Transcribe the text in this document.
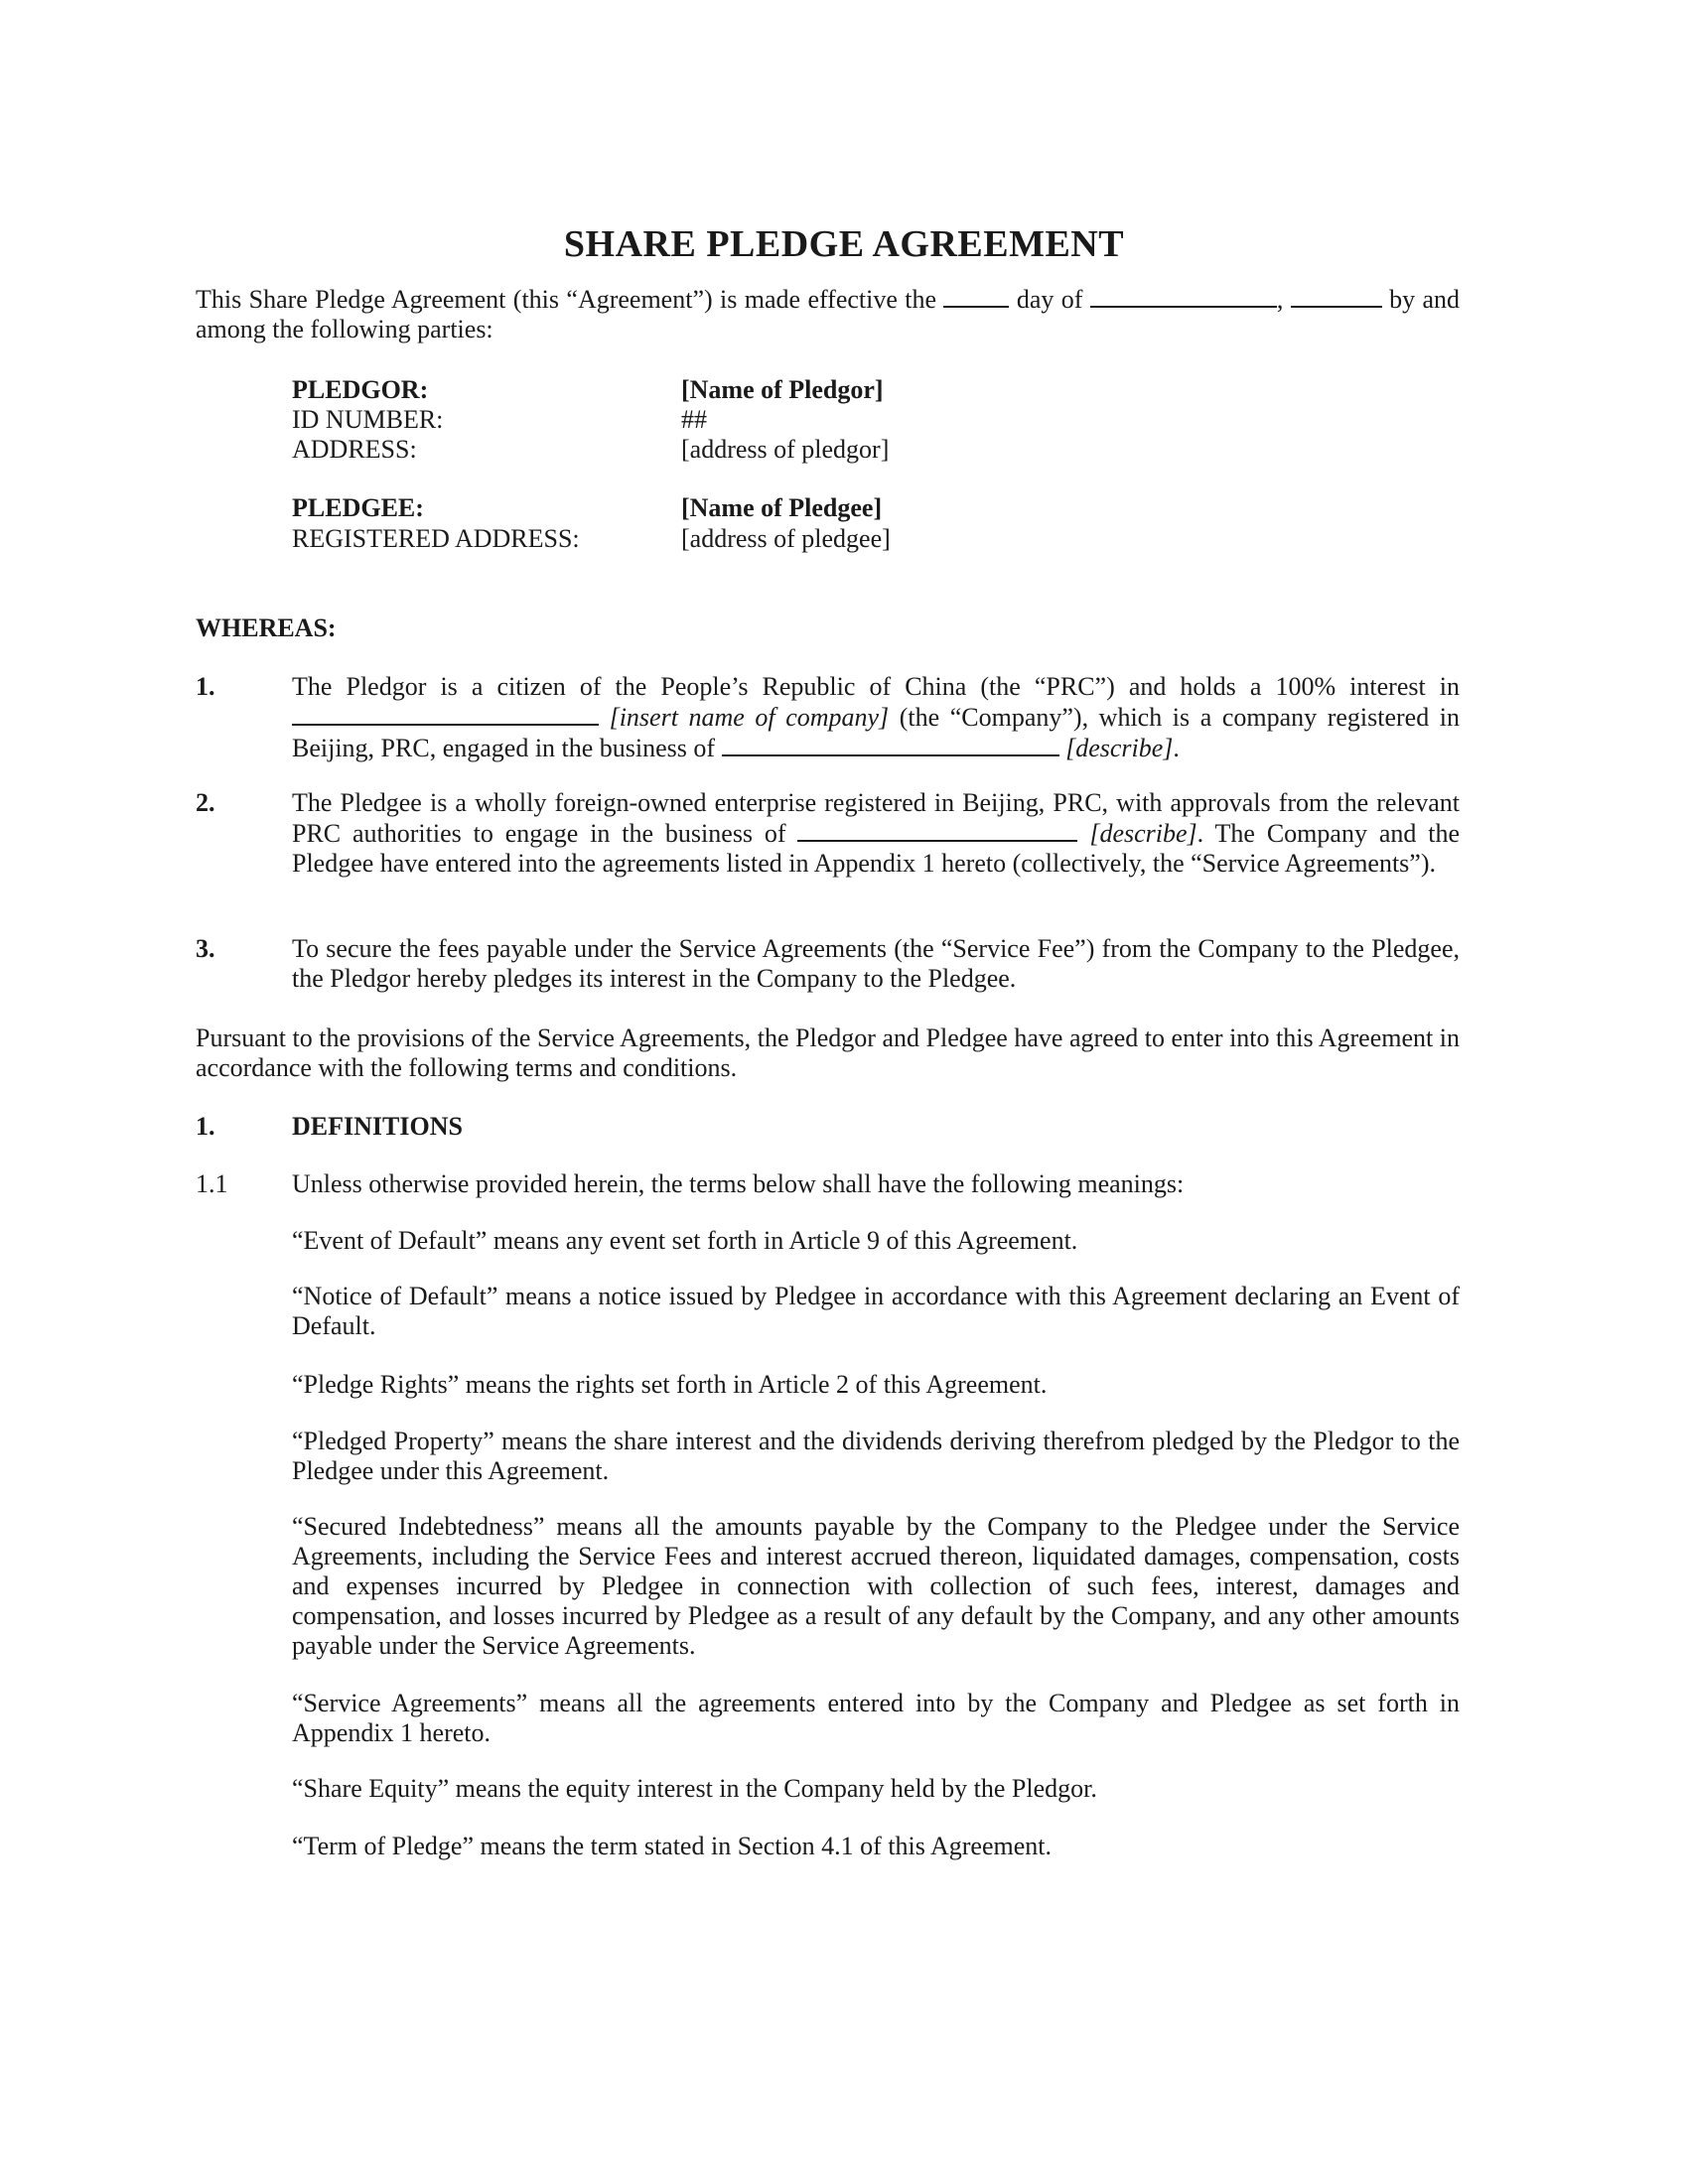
SHARE PLEDGE AGREEMENT
This Share Pledge Agreement (this “Agreement”) is made effective the	day of	,	by and among the following parties:
PLEDGOR:	[Name of Pledgor]
ID NUMBER:	##
ADDRESS:	[address of pledgor]
PLEDGEE:	[Name of Pledgee]
REGISTERED ADDRESS:	[address of pledgee]
WHEREAS:
1.	The Pledgor is a citizen of the People’s Republic of China (the “PRC”) and holds a 100% interest in  [insert name of company] (the “Company”), which is a company registered in Beijing, PRC, engaged in the business of	[describe].
2.	The Pledgee is a wholly foreign-owned enterprise registered in Beijing, PRC, with approvals from the relevant PRC authorities to engage in the business of	[describe]. The Company and the Pledgee have entered into the agreements listed in Appendix 1 hereto (collectively, the “Service Agreements”).
3.	To secure the fees payable under the Service Agreements (the “Service Fee”) from the Company to the Pledgee, the Pledgor hereby pledges its interest in the Company to the Pledgee.
Pursuant to the provisions of the Service Agreements, the Pledgor and Pledgee have agreed to enter into this Agreement in accordance with the following terms and conditions.
1.	DEFINITIONS
1.1 Unless otherwise provided herein, the terms below shall have the following meanings:
“Event of Default” means any event set forth in Article 9 of this Agreement.
“Notice of Default” means a notice issued by Pledgee in accordance with this Agreement declaring an Event of Default.
“Pledge Rights” means the rights set forth in Article 2 of this Agreement.
“Pledged Property” means the share interest and the dividends deriving therefrom pledged by the Pledgor to the Pledgee under this Agreement.
“Secured Indebtedness” means all the amounts payable by the Company to the Pledgee under the Service Agreements, including the Service Fees and interest accrued thereon, liquidated damages, compensation, costs and expenses incurred by Pledgee in connection with collection of such fees, interest, damages and compensation, and losses incurred by Pledgee as a result of any default by the Company, and any other amounts payable under the Service Agreements.
“Service Agreements” means all the agreements entered into by the Company and Pledgee as set forth in Appendix 1 hereto.
“Share Equity” means the equity interest in the Company held by the Pledgor.
“Term of Pledge” means the term stated in Section 4.1 of this Agreement.
